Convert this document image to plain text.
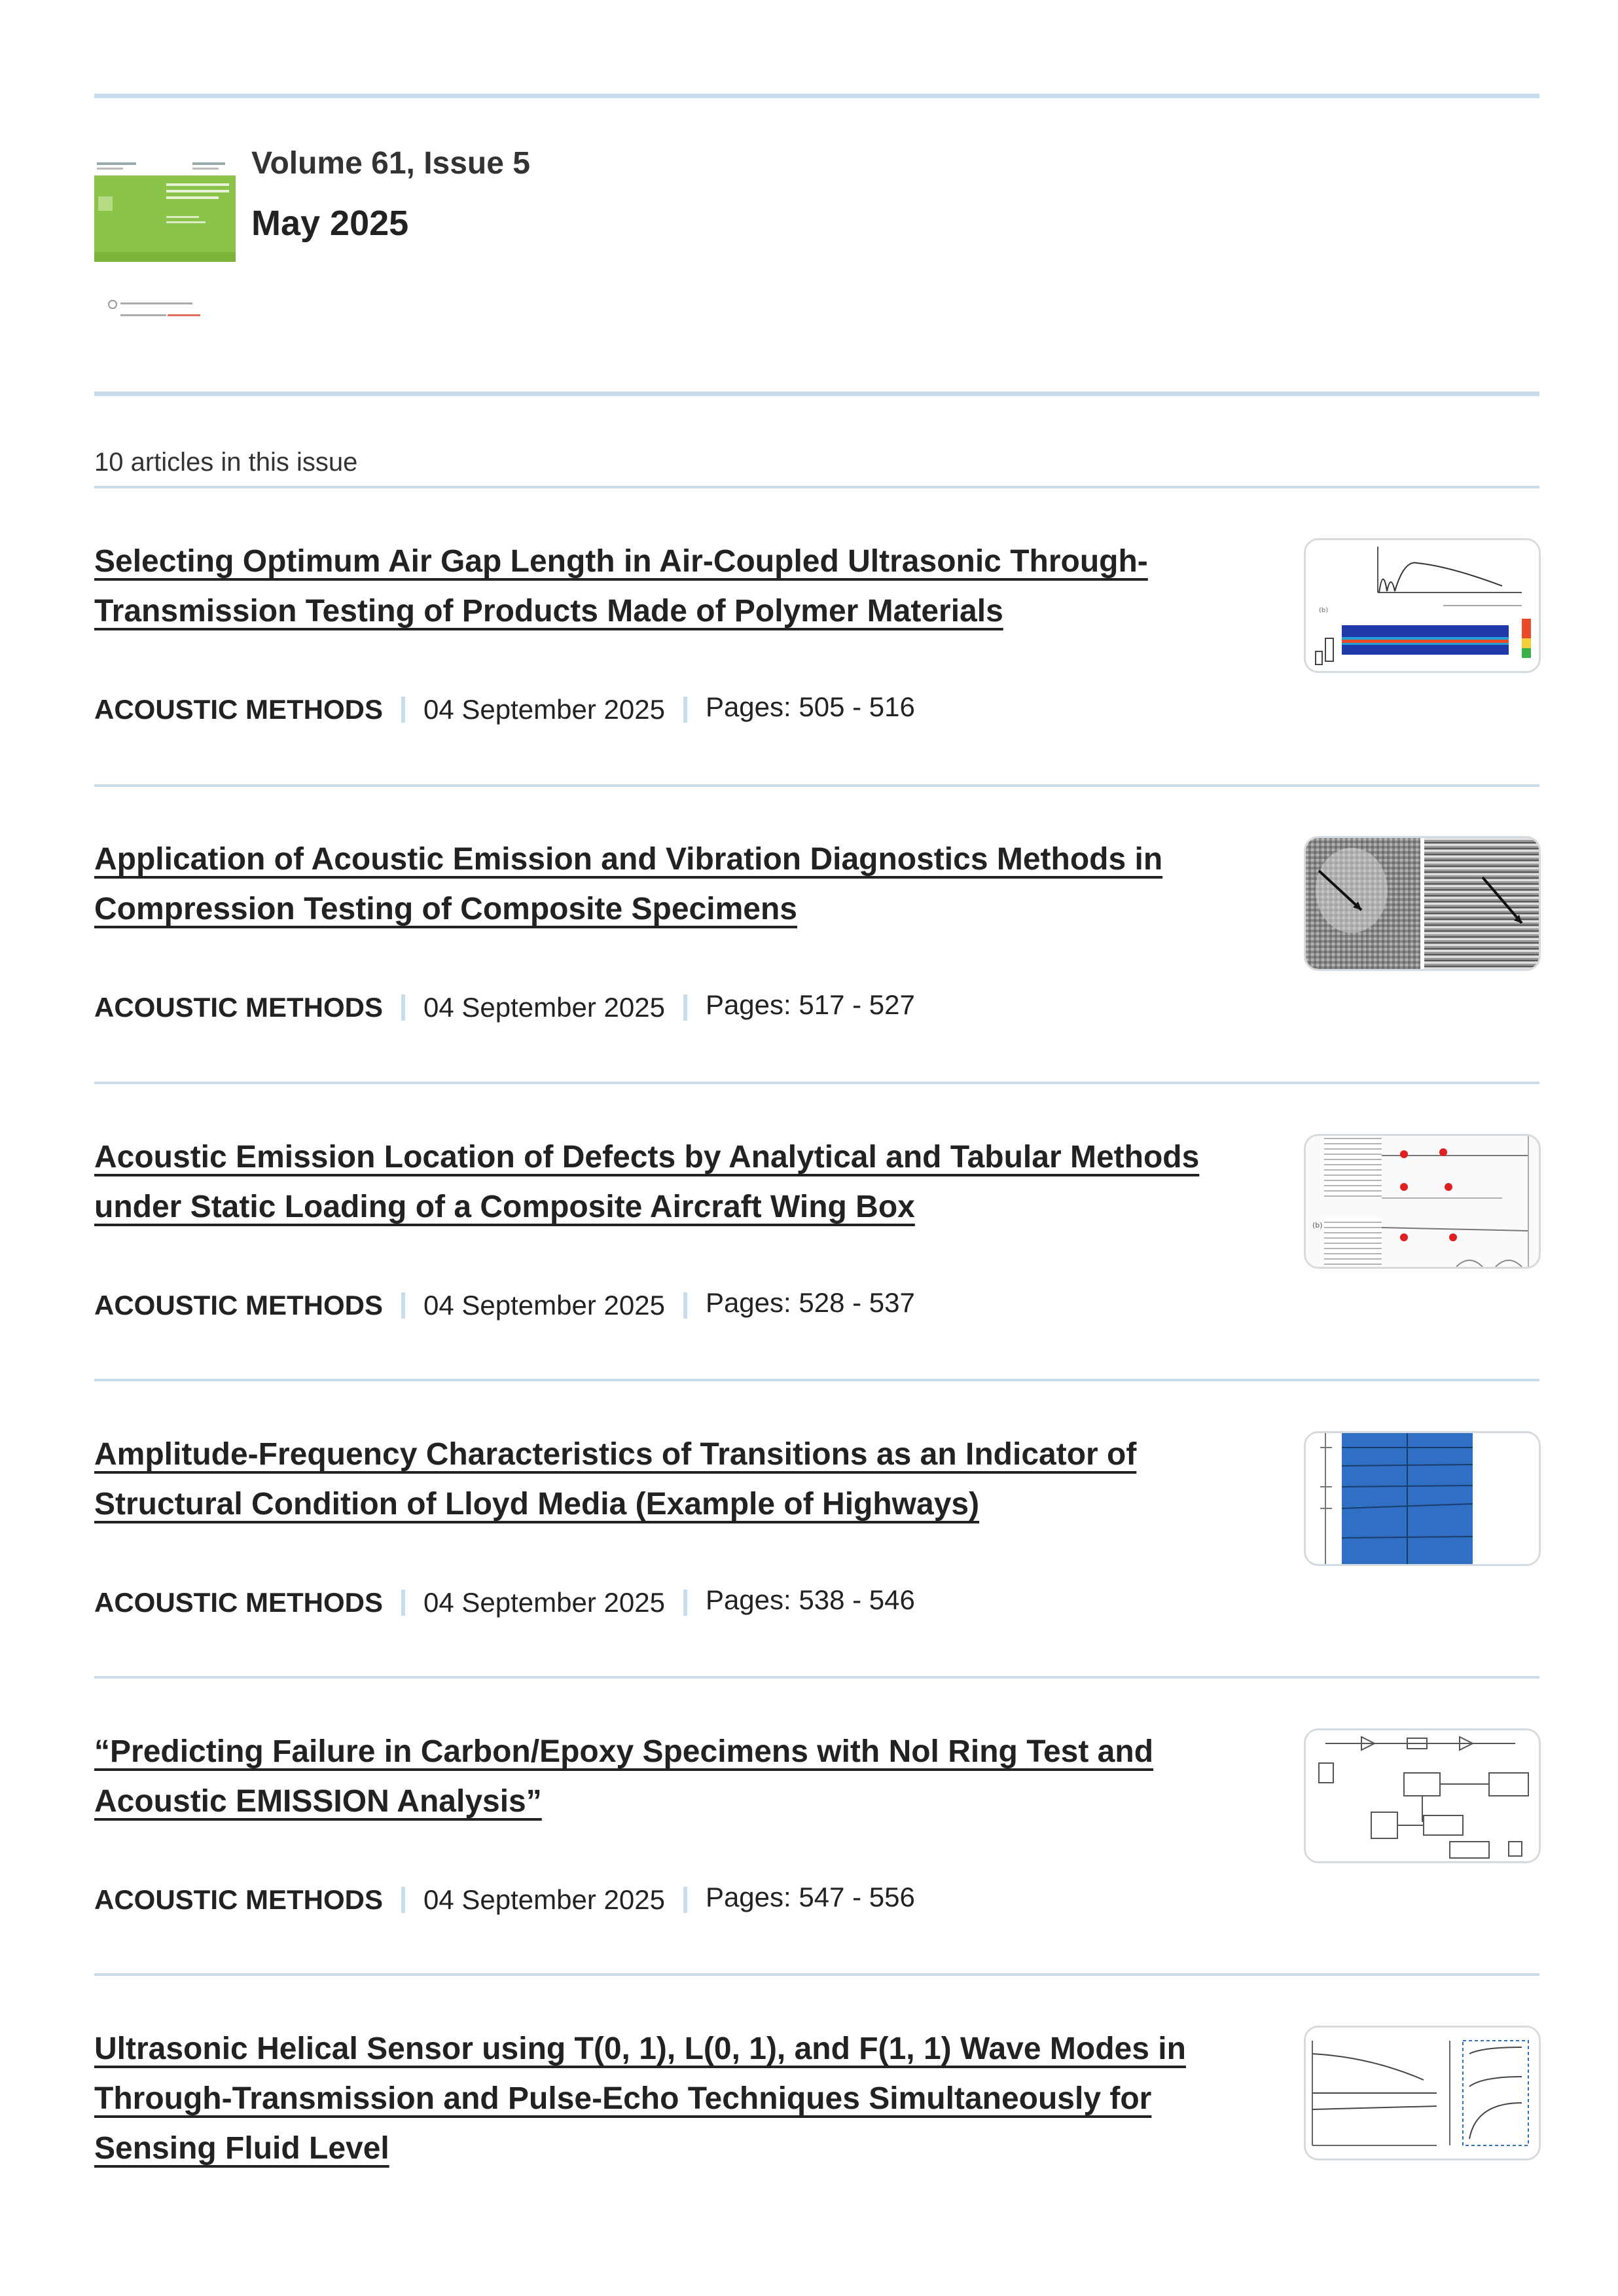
Volume 61, Issue 5
May 2025
10 articles in this issue
Selecting Optimum Air Gap Length in Air-Coupled Ultrasonic Through-Transmission Testing of Products Made of Polymer Materials
ACOUSTIC METHODS 04 September 2025 Pages: 505 - 516
(b)
Application of Acoustic Emission and Vibration Diagnostics Methods in Compression Testing of Composite Specimens
ACOUSTIC METHODS 04 September 2025 Pages: 517 - 527
Acoustic Emission Location of Defects by Analytical and Tabular Methods under Static Loading of a Composite Aircraft Wing Box
ACOUSTIC METHODS 04 September 2025 Pages: 528 - 537
(b)
Amplitude-Frequency Characteristics of Transitions as an Indicator of Structural Condition of Lloyd Media (Example of Highways)
ACOUSTIC METHODS 04 September 2025 Pages: 538 - 546
“Predicting Failure in Carbon/Epoxy Specimens with Nol Ring Test and Acoustic EMISSION Analysis”
ACOUSTIC METHODS 04 September 2025 Pages: 547 - 556
Ultrasonic Helical Sensor using T(0, 1), L(0, 1), and F(1, 1) Wave Modes in Through-Transmission and Pulse-Echo Techniques Simultaneously for Sensing Fluid Level
